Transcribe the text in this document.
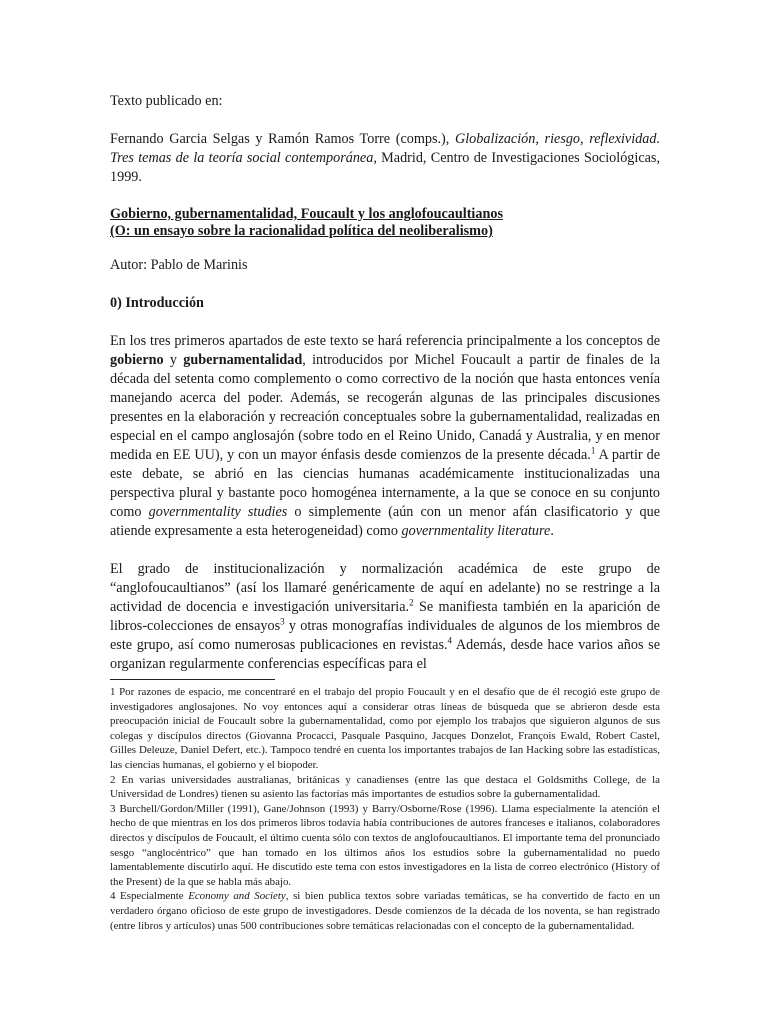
Texto publicado en:

Fernando Garcia Selgas y Ramón Ramos Torre (comps.), Globalización, riesgo, reflexividad. Tres temas de la teoría social contemporánea, Madrid, Centro de Investigaciones Sociológicas, 1999.

Gobierno, gubernamentalidad, Foucault y los anglofoucaultianos
(O: un ensayo sobre la racionalidad política del neoliberalismo)

Autor: Pablo de Marinis

0) Introducción

En los tres primeros apartados de este texto se hará referencia principalmente a los conceptos de gobierno y gubernamentalidad, introducidos por Michel Foucault a partir de finales de la década del setenta como complemento o como correctivo de la noción que hasta entonces venía manejando acerca del poder. Además, se recogerán algunas de las principales discusiones presentes en la elaboración y recreación conceptuales sobre la gubernamentalidad, realizadas en especial en el campo anglosajón (sobre todo en el Reino Unido, Canadá y Australia, y en menor medida en EE UU), y con un mayor énfasis desde comienzos de la presente década.$^1$ A partir de este debate, se abrió en las ciencias humanas académicamente institucionalizadas una perspectiva plural y bastante poco homogénea internamente, a la que se conoce en su conjunto como governmentality studies o simplemente (aún con un menor afán clasificatorio y que atiende expresamente a esta heterogeneidad) como governmentality literature.

El grado de institucionalización y normalización académica de este grupo de “anglofoucaultianos” (así los llamaré genéricamente de aquí en adelante) no se restringe a la actividad de docencia e investigación universitaria.$^2$ Se manifiesta también en la aparición de libros-colecciones de ensayos$^3$ y otras monografías individuales de algunos de los miembros de este grupo, así como numerosas publicaciones en revistas.$^4$ Además, desde hace varios años se organizan regularmente conferencias específicas para el

1 Por razones de espacio, me concentraré en el trabajo del propio Foucault y en el desafío que de él recogió este grupo de investigadores anglosajones. No voy entonces aquí a considerar otras líneas de búsqueda que se abrieron desde esta preocupación inicial de Foucault sobre la gubernamentalidad, como por ejemplo los trabajos que siguieron algunos de sus colegas y discípulos directos (Giovanna Procacci, Pasquale Pasquino, Jacques Donzelot, François Ewald, Robert Castel, Gilles Deleuze, Daniel Defert, etc.). Tampoco tendré en cuenta los importantes trabajos de Ian Hacking sobre las estadísticas, las ciencias humanas, el gobierno y el biopoder.

2 En varias universidades australianas, británicas y canadienses (entre las que destaca el Goldsmiths College, de la Universidad de Londres) tienen su asiento las factorías más importantes de estudios sobre la gubernamentalidad.

3 Burchell/Gordon/Miller (1991), Gane/Johnson (1993) y Barry/Osborne/Rose (1996). Llama especialmente la atención el hecho de que mientras en los dos primeros libros todavía había contribuciones de autores franceses e italianos, colaboradores directos y discípulos de Foucault, el último cuenta sólo con textos de anglofoucaultianos. El importante tema del pronunciado sesgo “anglocéntrico” que han tomado en los últimos años los estudios sobre la gubernamentalidad no puedo lamentablemente discutirlo aquí. He discutido este tema con estos investigadores en la lista de correo electrónico (History of the Present) de la que se habla más abajo.

4 Especialmente Economy and Society, si bien publica textos sobre variadas temáticas, se ha convertido de facto en un verdadero órgano oficioso de este grupo de investigadores. Desde comienzos de la década de los noventa, se han registrado (entre libros y artículos) unas 500 contribuciones sobre temáticas relacionadas con el concepto de la gubernamentalidad.
